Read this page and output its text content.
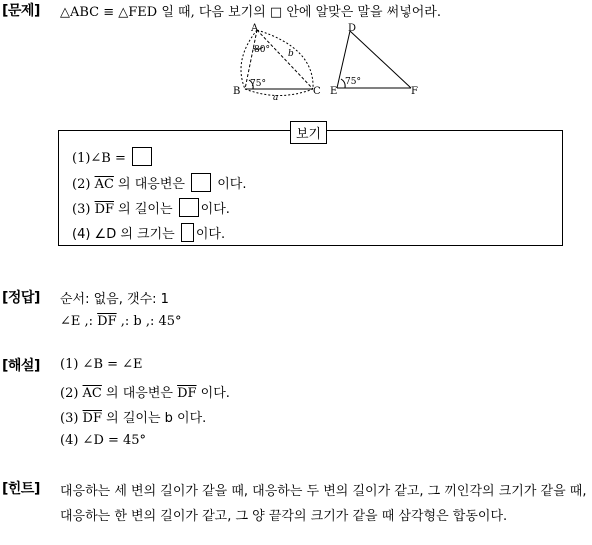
[문제] △ABC ≡ △FED 일 때, 다음 보기의 □ 안에 알맞은 말을 써넣어라.
A
B	C
80°
75°
b
a
D
E	F
75°
보기
(1)∠B =
(2) $\overline{AC}$ 의 대응변은  이다.
(3) $\overline{DF}$ 의 길이는 이다.
(4) ∠D 의 크기는 이다.
[정답] 순서: 없음, 갯수: 1
∠E ,: $\overline{DF}$ ,: b ,: 45°
[해설] (1) ∠B = ∠E
(2) $\overline{AC}$ 의 대응변은 $\overline{DF}$ 이다.
(3) $\overline{DF}$ 의 길이는 b 이다.
(4) ∠D = 45°
[힌트] 대응하는 세 변의 길이가 같을 때, 대응하는 두 변의 길이가 같고, 그 끼인각의 크기가 같을 때, 대응하는 한 변의 길이가 같고, 그 양 끝각의 크기가 같을 때 삼각형은 합동이다.
